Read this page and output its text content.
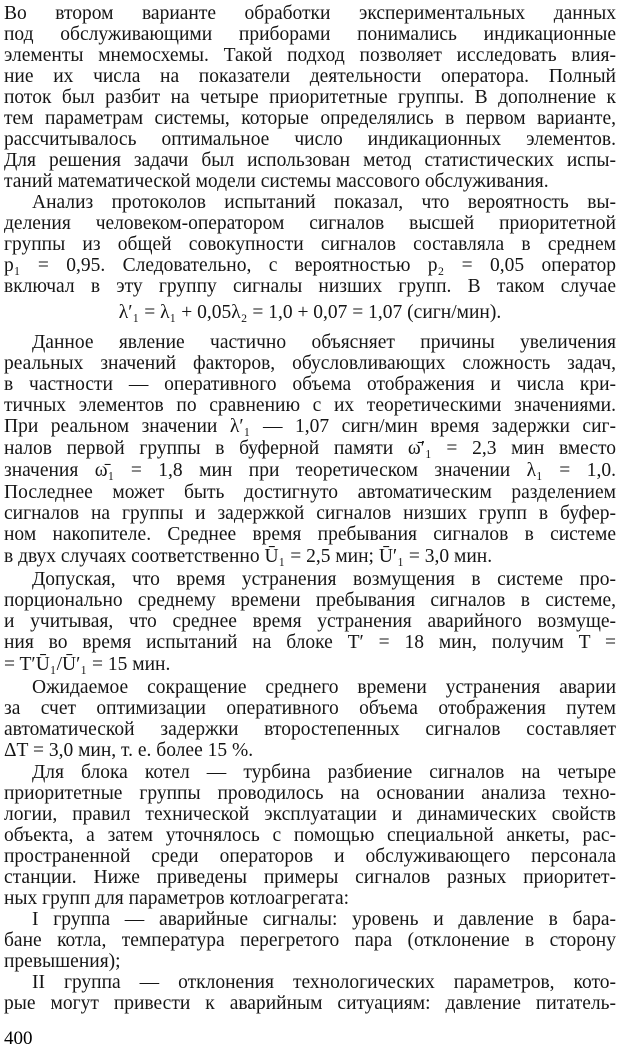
Во втором варианте обработки экспериментальных данных
под обслуживающими приборами понимались индикационные
элементы мнемосхемы. Такой подход позволяет исследовать влия-
ние их числа на показатели деятельности оператора. Полный
поток был разбит на четыре приоритетные группы. В дополнение к
тем параметрам системы, которые определялись в первом варианте,
рассчитывалось оптимальное число индикационных элементов.
Для решения задачи был использован метод статистических испы-
таний математической модели системы массового обслуживания.
Анализ протоколов испытаний показал, что вероятность вы-
деления человеком-оператором сигналов высшей приоритетной
группы из общей совокупности сигналов составляла в среднем
p₁ = 0,95. Следовательно, с вероятностью p₂ = 0,05 оператор
включал в эту группу сигналы низших групп. В таком случае
λ′₁ = λ₁ + 0,05λ₂ = 1,0 + 0,07 = 1,07 (сигн/мин).
Данное явление частично объясняет причины увеличения
реальных значений факторов, обусловливающих сложность задач,
в частности — оперативного объема отображения и числа кри-
тичных элементов по сравнению с их теоретическими значениями.
При реальном значении λ′₁ — 1,07 сигн/мин время задержки сиг-
налов первой группы в буферной памяти ω̄′₁ = 2,3 мин вместо
значения ω̄₁ = 1,8 мин при теоретическом значении λ₁ = 1,0.
Последнее может быть достигнуто автоматическим разделением
сигналов на группы и задержкой сигналов низших групп в буфер-
ном накопителе. Среднее время пребывания сигналов в системе
в двух случаях соответственно Ū₁ = 2,5 мин; Ū′₁ = 3,0 мин.
Допуская, что время устранения возмущения в системе про-
порционально среднему времени пребывания сигналов в системе,
и учитывая, что среднее время устранения аварийного возмуще-
ния во время испытаний на блоке T′ = 18 мин, получим T =
= T′Ū₁/Ū′₁ = 15 мин.
Ожидаемое сокращение среднего времени устранения аварии
за счет оптимизации оперативного объема отображения путем
автоматической задержки второстепенных сигналов составляет
ΔT = 3,0 мин, т. е. более 15 %.
Для блока котел — турбина разбиение сигналов на четыре
приоритетные группы проводилось на основании анализа техно-
логии, правил технической эксплуатации и динамических свойств
объекта, а затем уточнялось с помощью специальной анкеты, рас-
пространенной среди операторов и обслуживающего персонала
станции. Ниже приведены примеры сигналов разных приоритет-
ных групп для параметров котлоагрегата:
I группа — аварийные сигналы: уровень и давление в бара-
бане котла, температура перегретого пара (отклонение в сторону
превышения);
II группа — отклонения технологических параметров, кото-
рые могут привести к аварийным ситуациям: давление питатель-
400
